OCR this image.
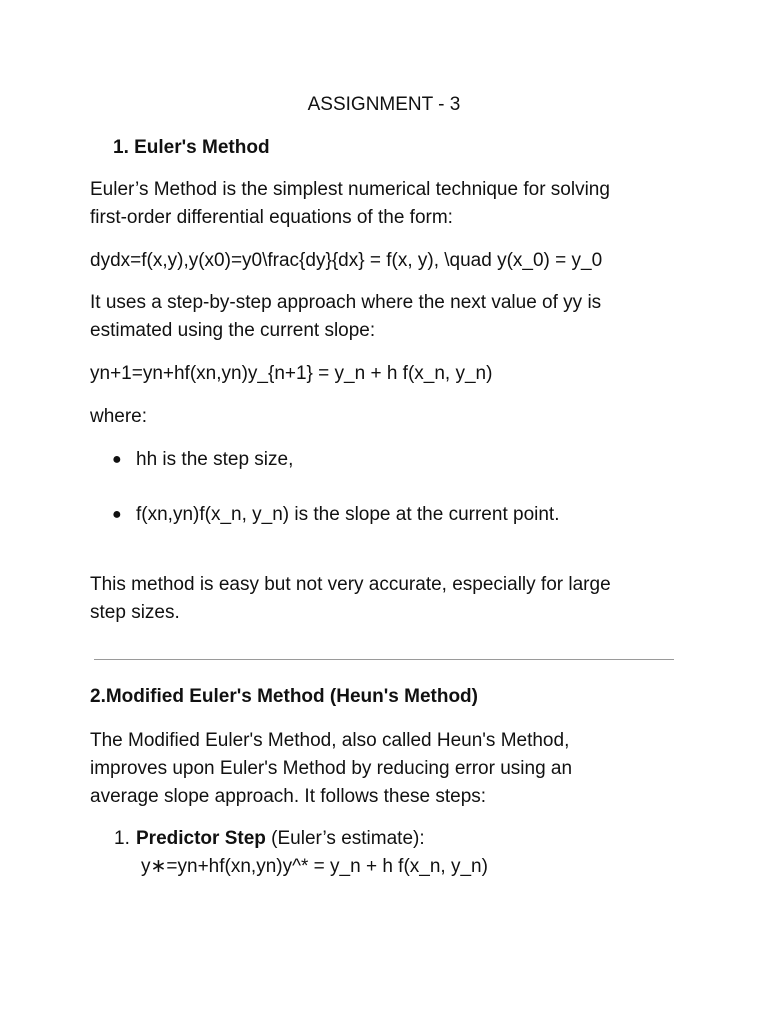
ASSIGNMENT - 3
1. Euler's Method
Euler’s Method is the simplest numerical technique for solving
first-order differential equations of the form:
dydx=f(x,y),y(x0)=y0\frac{dy}{dx} = f(x, y), \quad y(x_0) = y_0
It uses a step-by-step approach where the next value of yy is
estimated using the current slope:
yn+1=yn+hf(xn,yn)y_{n+1} = y_n + h f(x_n, y_n)
where:
● hh is the step size,
● f(xn,yn)f(x_n, y_n) is the slope at the current point.
This method is easy but not very accurate, especially for large
step sizes.
2.Modified Euler's Method (Heun's Method)
The Modified Euler's Method, also called Heun's Method,
improves upon Euler's Method by reducing error using an
average slope approach. It follows these steps:
1. Predictor Step (Euler’s estimate):
y∗=yn+hf(xn,yn)y^* = y_n + h f(x_n, y_n)
